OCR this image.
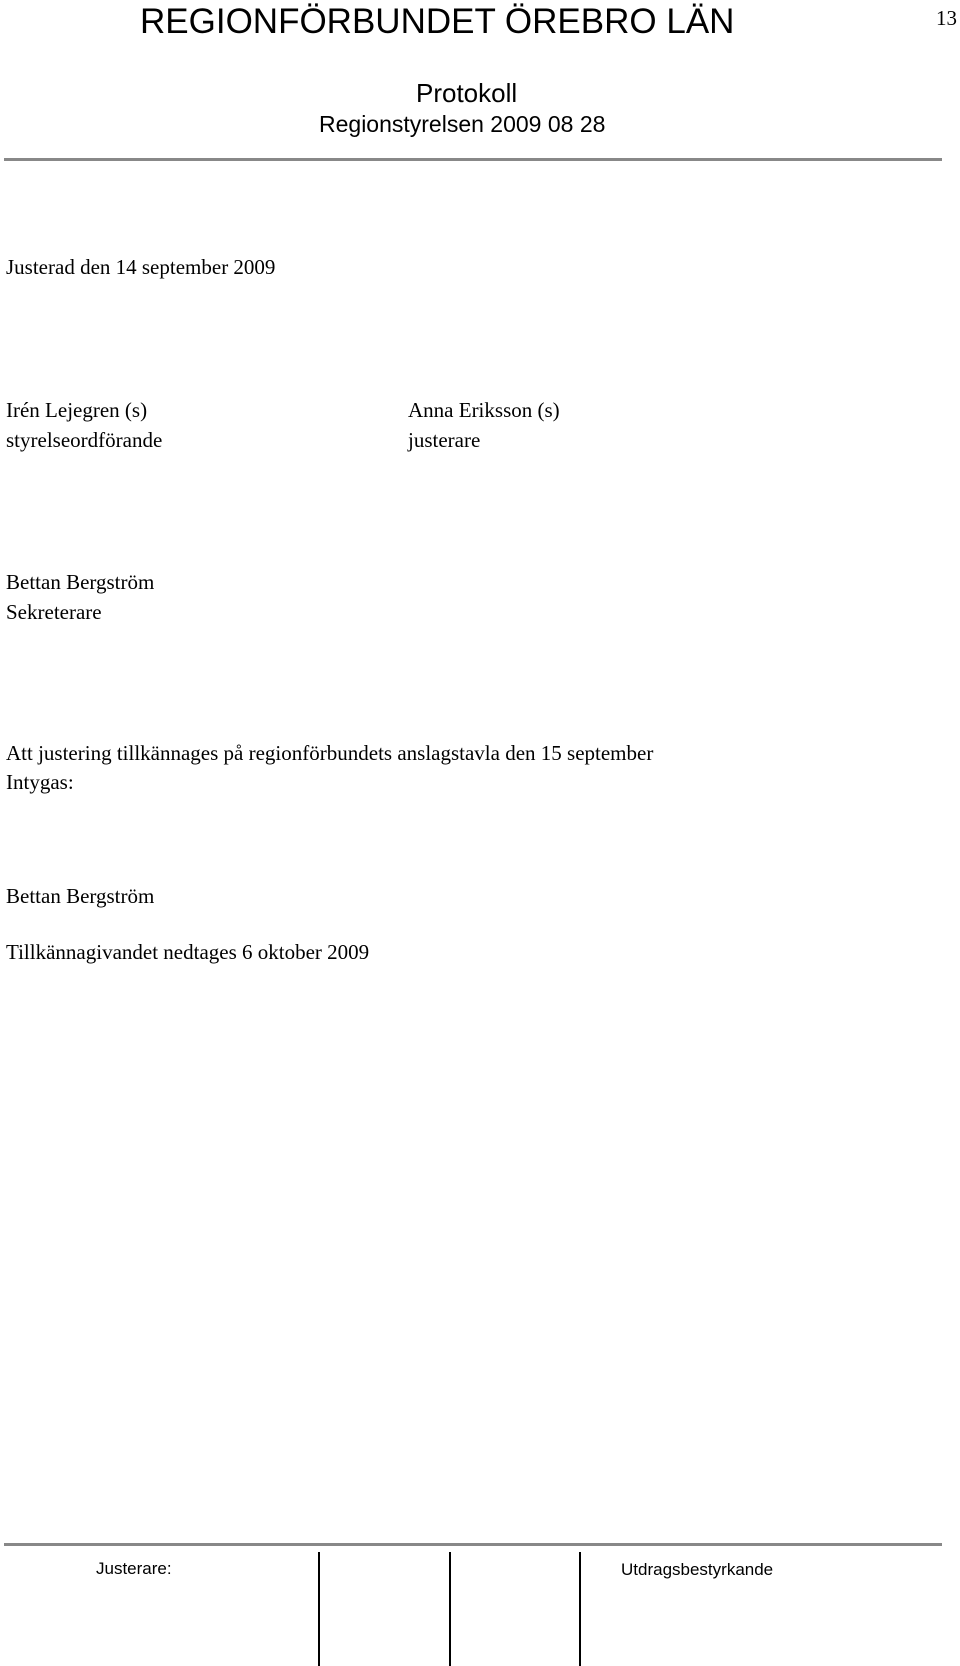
REGIONFÖRBUNDET ÖREBRO LÄN	13
Protokoll
Regionstyrelsen 2009 08 28
Justerad den 14 september 2009
Irén Lejegren (s)
styrelseordförande
Anna Eriksson (s)
justerare
Bettan Bergström
Sekreterare
Att justering tillkännages på regionförbundets anslagstavla den 15 september
Intygas:
Bettan Bergström
Tillkännagivandet nedtages 6 oktober 2009
Justerare:	Utdragsbestyrkande
